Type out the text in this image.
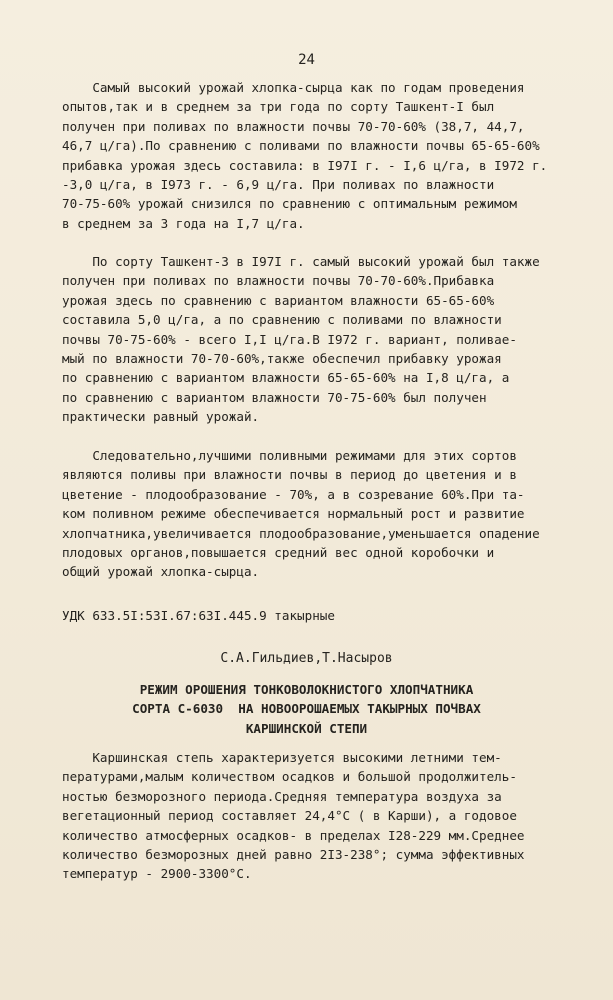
24
Самый высокий урожай хлопка-сырца как по годам проведения
опытов,так и в среднем за три года по сорту Ташкент-I был
получен при поливах по влажности почвы 70-70-60% (38,7, 44,7,
46,7 ц/га).По сравнению с поливами по влажности почвы 65-65-60%
прибавка урожая здесь составила: в I97I г. - I,6 ц/га, в I972 г.
-3,0 ц/га, в I973 г. - 6,9 ц/га. При поливах по влажности
70-75-60% урожай снизился по сравнению с оптимальным режимом
в среднем за 3 года на I,7 ц/га.
По сорту Ташкент-3 в I97I г. самый высокий урожай был также
получен при поливах по влажности почвы 70-70-60%.Прибавка
урожая здесь по сравнению с вариантом влажности 65-65-60%
составила 5,0 ц/га, а по сравнению с поливами по влажности
почвы 70-75-60% - всего I,I ц/га.В I972 г. вариант, поливае-
мый по влажности 70-70-60%,также обеспечил прибавку урожая
по сравнению с вариантом влажности 65-65-60% на I,8 ц/га, а
по сравнению с вариантом влажности 70-75-60% был получен
практически равный урожай.
Следовательно,лучшими поливными режимами для этих сортов
являются поливы при влажности почвы в период до цветения и в
цветение - плодообразование - 70%, а в созревание 60%.При та-
ком поливном режиме обеспечивается нормальный рост и развитие
хлопчатника,увеличивается плодообразование,уменьшается опадение
плодовых органов,повышается средний вес одной коробочки и
общий урожай хлопка-сырца.
УДК 633.5I:53I.67:63I.445.9 такырные
С.А.Гильдиев,Т.Насыров
РЕЖИМ ОРОШЕНИЯ ТОНКОВОЛОКНИСТОГО ХЛОПЧАТНИКА
СОРТА С-6030  НА НОВООРОШАЕМЫХ ТАКЫРНЫХ ПОЧВАХ
КАРШИНСКОЙ СТЕПИ
Каршинская степь характеризуется высокими летними тем-
пературами,малым количеством осадков и большой продолжитель-
ностью безморозного периода.Средняя температура воздуха за
вегетационный период составляет 24,4°С ( в Карши), а годовое
количество атмосферных осадков- в пределах I28-229 мм.Среднее
количество безморозных дней равно 2I3-238°; сумма эффективных
температур - 2900-3300°С.
